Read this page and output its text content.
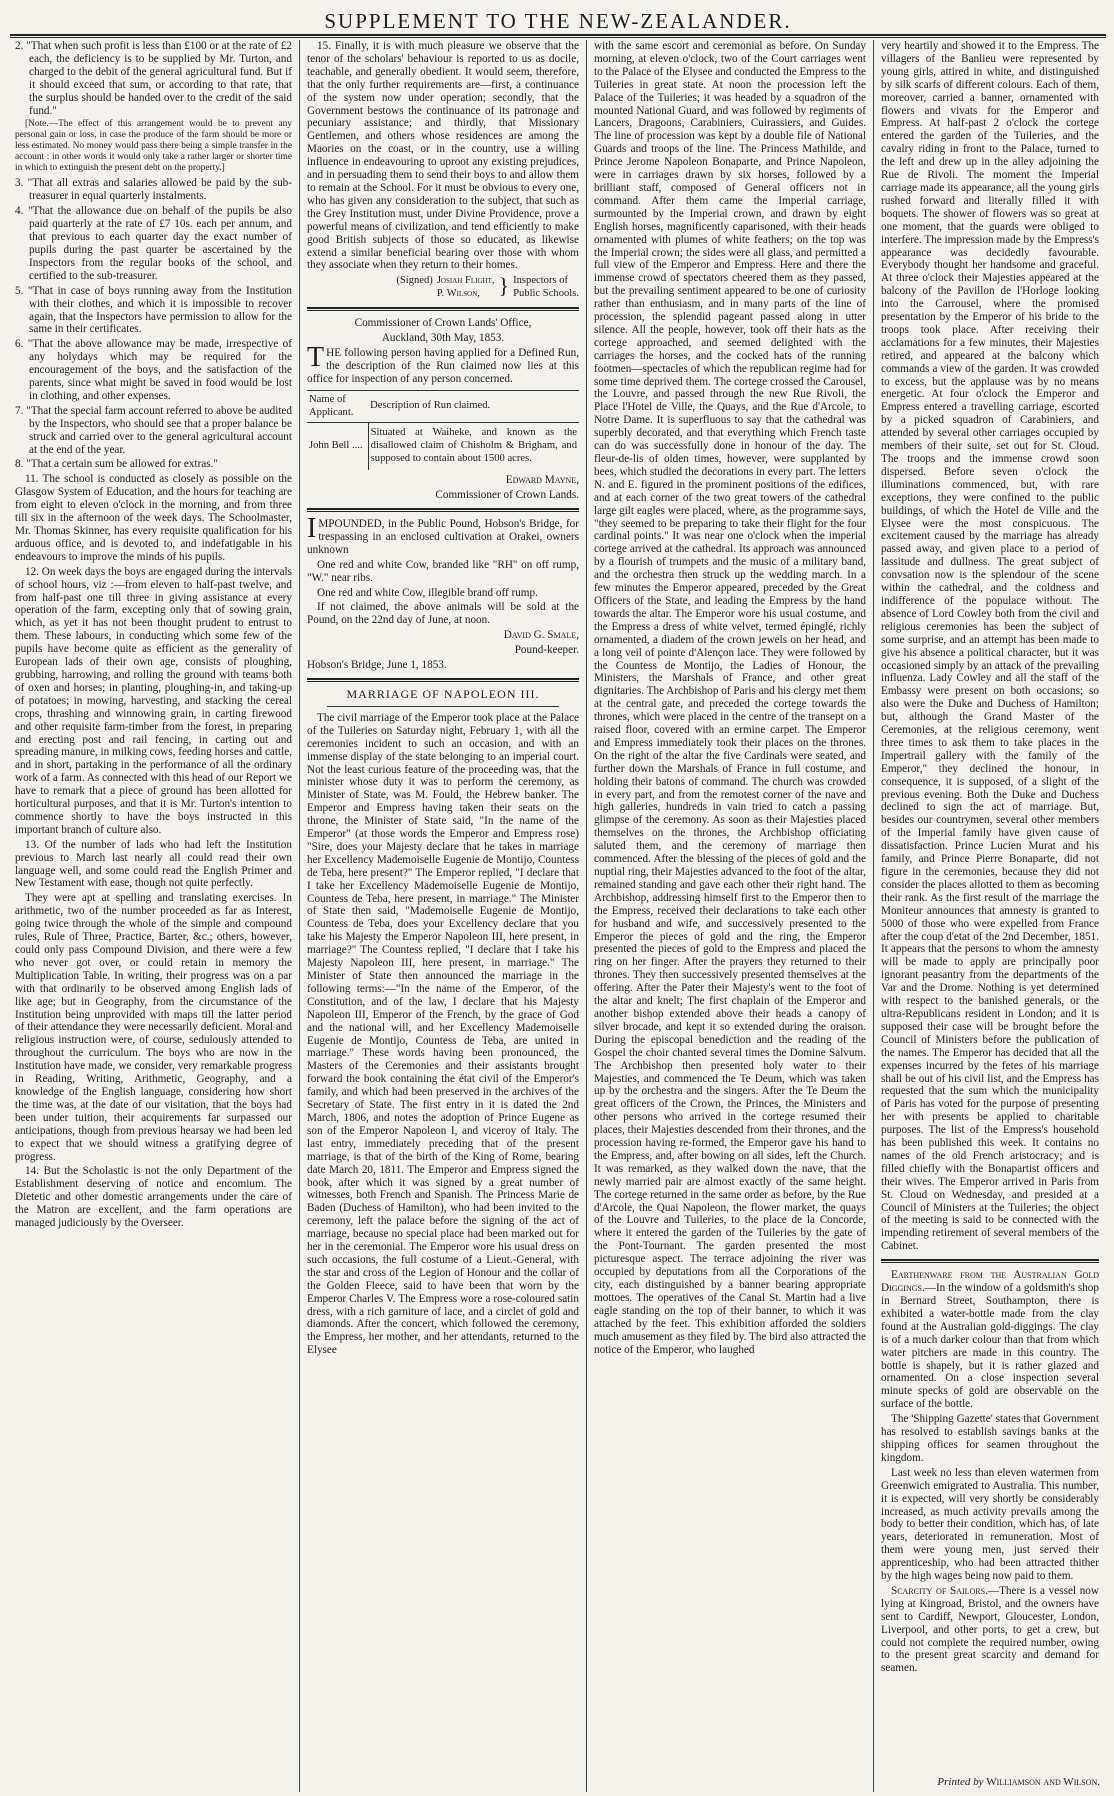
SUPPLEMENT TO THE NEW-ZEALANDER.

2. "That when such profit is less than £100 or at the rate of £2 each, the deficiency is to be supplied by Mr. Turton, and charged to the debit of the general agricultural fund. But if it should exceed that sum, or according to that rate, that the surplus should be handed over to the credit of the said fund."

[Note.—The effect of this arrangement would be to prevent any personal gain or loss, in case the produce of the farm should be more or less estimated. No money would pass there being a simple transfer in the account : in other words it would only take a rather larger or shorter time in which to extinguish the present debt on the property.]

3. "That all extras and salaries allowed be paid by the sub-treasurer in equal quarterly instalments.

4. "That the allowance due on behalf of the pupils be also paid quarterly at the rate of £7 10s. each per annum, and that previous to each quarter day the exact number of pupils during the past quarter be ascertained by the Inspectors from the regular books of the school, and certified to the sub-treasurer.

5. "That in case of boys running away from the Institution with their clothes, and which it is impossible to recover again, that the Inspectors have permission to allow for the same in their certificates.

6. "That the above allowance may be made, irrespective of any holydays which may be required for the encouragement of the boys, and the satisfaction of the parents, since what might be saved in food would be lost in clothing, and other expenses.

7. "That the special farm account referred to above be audited by the Inspectors, who should see that a proper balance be struck and carried over to the general agricultural account at the end of the year.

8. "That a certain sum be allowed for extras."

11. The school is conducted as closely as possible on the Glasgow System of Education, and the hours for teaching are from eight to eleven o'clock in the morning, and from three till six in the afternoon of the week days. The Schoolmaster, Mr. Thomas Skinner, has every requisite qualification for his arduous office, and is devoted to, and indefatigable in his endeavours to improve the minds of his pupils.

12. On week days the boys are engaged during the intervals of school hours, viz :—from eleven to half-past twelve, and from half-past one till three in giving assistance at every operation of the farm, excepting only that of sowing grain, which, as yet it has not been thought prudent to entrust to them. These labours, in conducting which some few of the pupils have become quite as efficient as the generality of European lads of their own age, consists of ploughing, grubbing, harrowing, and rolling the ground with teams both of oxen and horses; in planting, ploughing-in, and taking-up of potatoes; in mowing, harvesting, and stacking the cereal crops, thrashing and winnowing grain, in carting firewood and other requisite farm-timber from the forest, in preparing and erecting post and rail fencing, in carting out and spreading manure, in milking cows, feeding horses and cattle, and in short, partaking in the performance of all the ordinary work of a farm. As connected with this head of our Report we have to remark that a piece of ground has been allotted for horticultural purposes, and that it is Mr. Turton's intention to commence shortly to have the boys instructed in this important branch of culture also.

13. Of the number of lads who had left the Institution previous to March last nearly all could read their own language well, and some could read the English Primer and New Testament with ease, though not quite perfectly.

They were apt at spelling and translating exercises. In arithmetic, two of the number proceeded as far as Interest, going twice through the whole of the simple and compound rules, Rule of Three, Practice, Barter, &c.; others, however, could only pass Compound Division, and there were a few who never got over, or could retain in memory the Multiplication Table. In writing, their progress was on a par with that ordinarily to be observed among English lads of like age; but in Geography, from the circumstance of the Institution being unprovided with maps till the latter period of their attendance they were necessarily deficient. Moral and religious instruction were, of course, sedulously attended to throughout the curriculum. The boys who are now in the Institution have made, we consider, very remarkable progress in Reading, Writing, Arithmetic, Geography, and a knowledge of the English language, considering how short the time was, at the date of our visitation, that the boys had been under tuition, their acquirements far surpassed our anticipations, though from previous hearsay we had been led to expect that we should witness a gratifying degree of progress.

14. But the Scholastic is not the only Department of the Establishment deserving of notice and encomium. The Dietetic and other domestic arrangements under the care of the Matron are excellent, and the farm operations are managed judiciously by the Overseer.

15. Finally, it is with much pleasure we observe that the tenor of the scholars' behaviour is reported to us as docile, teachable, and generally obedient. It would seem, therefore, that the only further requirements are—first, a continuance of the system now under operation; secondly, that the Government bestows the continuance of its patronage and pecuniary assistance; and thirdly, that Missionary Gentlemen, and others whose residences are among the Maories on the coast, or in the country, use a willing influence in endeavouring to uproot any existing prejudices, and in persuading them to send their boys to and allow them to remain at the School. For it must be obvious to every one, who has given any consideration to the subject, that such as the Grey Institution must, under Divine Providence, prove a powerful means of civilization, and tend efficiently to make good British subjects of those so educated, as likewise extend a similar beneficial bearing over those with whom they associate when they return to their homes.

(Signed) Josiah Flight,
P. Wilson, } Inspectors of
Public Schools.

Commissioner of Crown Lands' Office,

Auckland, 30th May, 1853.

THE following person having applied for a Defined Run, the description of the Run claimed now lies at this office for inspection of any person concerned.

Name of Applicant.	Description of Run claimed.
John Bell ....	Situated at Waiheke, and known as the disallowed claim of Chisholm & Brigham, and supposed to contain about 1500 acres.

Edward Mayne,

Commissioner of Crown Lands.

IMPOUNDED, in the Public Pound, Hobson's Bridge, for trespassing in an enclosed cultivation at Orakei, owners unknown

One red and white Cow, branded like "RH" on off rump, "W." near ribs.

One red and white Cow, illegible brand off rump.

If not claimed, the above animals will be sold at the Pound, on the 22nd day of June, at noon.

David G. Smale,

Pound-keeper.

Hobson's Bridge, June 1, 1853.

MARRIAGE OF NAPOLEON III.

The civil marriage of the Emperor took place at the Palace of the Tuileries on Saturday night, February 1, with all the ceremonies incident to such an occasion, and with an immense display of the state belonging to an imperial court. Not the least curious feature of the proceeding was, that the minister whose duty it was to perform the ceremony, as Minister of State, was M. Fould, the Hebrew banker. The Emperor and Empress having taken their seats on the throne, the Minister of State said, "In the name of the Emperor" (at those words the Emperor and Empress rose) "Sire, does your Majesty declare that he takes in marriage her Excellency Mademoiselle Eugenie de Montijo, Countess de Teba, here present?" The Emperor replied, "I declare that I take her Excellency Mademoiselle Eugenie de Montijo, Countess de Teba, here present, in marriage." The Minister of State then said, "Mademoiselle Eugenie de Montijo, Countess de Teba, does your Excellency declare that you take his Majesty the Emperor Napoleon III, here present, in marriage?" The Countess replied, "I declare that I take his Majesty Napoleon III, here present, in marriage." The Minister of State then announced the marriage in the following terms:—"In the name of the Emperor, of the Constitution, and of the law, I declare that his Majesty Napoleon III, Emperor of the French, by the grace of God and the national will, and her Excellency Mademoiselle Eugenie de Montijo, Countess de Teba, are united in marriage." These words having been pronounced, the Masters of the Ceremonies and their assistants brought forward the book containing the état civil of the Emperor's family, and which had been preserved in the archives of the Secretary of State. The first entry in it is dated the 2nd March, 1806, and notes the adoption of Prince Eugene as son of the Emperor Napoleon I, and viceroy of Italy. The last entry, immediately preceding that of the present marriage, is that of the birth of the King of Rome, bearing date March 20, 1811. The Emperor and Empress signed the book, after which it was signed by a great number of witnesses, both French and Spanish. The Princess Marie de Baden (Duchess of Hamilton), who had been invited to the ceremony, left the palace before the signing of the act of marriage, because no special place had been marked out for her in the ceremonial. The Emperor wore his usual dress on such occasions, the full costume of a Lieut.-General, with the star and cross of the Legion of Honour and the collar of the Golden Fleece, said to have been that worn by the Emperor Charles V. The Empress wore a rose-coloured satin dress, with a rich garniture of lace, and a circlet of gold and diamonds. After the concert, which followed the ceremony, the Empress, her mother, and her attendants, returned to the Elysee

with the same escort and ceremonial as before. On Sunday morning, at eleven o'clock, two of the Court carriages went to the Palace of the Elysee and conducted the Empress to the Tuileries in great state. At noon the procession left the Palace of the Tuileries; it was headed by a squadron of the mounted National Guard, and was followed by regiments of Lancers, Dragoons, Carabiniers, Cuirassiers, and Guides. The line of procession was kept by a double file of National Guards and troops of the line. The Princess Mathilde, and Prince Jerome Napoleon Bonaparte, and Prince Napoleon, were in carriages drawn by six horses, followed by a brilliant staff, composed of General officers not in command. After them came the Imperial carriage, surmounted by the Imperial crown, and drawn by eight English horses, magnificently caparisoned, with their heads ornamented with plumes of white feathers; on the top was the Imperial crown; the sides were all glass, and permitted a full view of the Emperor and Empress. Here and there the immense crowd of spectators cheered them as they passed, but the prevailing sentiment appeared to be one of curiosity rather than enthusiasm, and in many parts of the line of procession, the splendid pageant passed along in utter silence. All the people, however, took off their hats as the cortege approached, and seemed delighted with the carriages the horses, and the cocked hats of the running footmen—spectacles of which the republican regime had for some time deprived them. The cortege crossed the Carousel, the Louvre, and passed through the new Rue Rivoli, the Place l'Hotel de Ville, the Quays, and the Rue d'Arcole, to Notre Dame. It is superfluous to say that the cathedral was superbly decorated, and that everything which French taste can do was successfully done in honour of the day. The fleur-de-lis of olden times, however, were supplanted by bees, which studied the decorations in every part. The letters N. and E. figured in the prominent positions of the edifices, and at each corner of the two great towers of the cathedral large gilt eagles were placed, where, as the programme says, "they seemed to be preparing to take their flight for the four cardinal points." It was near one o'clock when the imperial cortege arrived at the cathedral. Its approach was announced by a flourish of trumpets and the music of a military band, and the orchestra then struck up the wedding march. In a few minutes the Emperor appeared, preceded by the Great Officers of the State, and leading the Empress by the hand towards the altar. The Emperor wore his usual costume, and the Empress a dress of white velvet, termed épinglé, richly ornamented, a diadem of the crown jewels on her head, and a long veil of pointe d'Alençon lace. They were followed by the Countess de Montijo, the Ladies of Honour, the Ministers, the Marshals of France, and other great dignitaries. The Archbishop of Paris and his clergy met them at the central gate, and preceded the cortege towards the thrones, which were placed in the centre of the transept on a raised floor, covered with an ermine carpet. The Emperor and Empress immediately took their places on the thrones. On the right of the altar the five Cardinals were seated, and further down the Marshals of France in full costume, and holding their batons of command. The church was crowded in every part, and from the remotest corner of the nave and high galleries, hundreds in vain tried to catch a passing glimpse of the ceremony. As soon as their Majesties placed themselves on the thrones, the Archbishop officiating saluted them, and the ceremony of marriage then commenced. After the blessing of the pieces of gold and the nuptial ring, their Majesties advanced to the foot of the altar, remained standing and gave each other their right hand. The Archbishop, addressing himself first to the Emperor then to the Empress, received their declarations to take each other for husband and wife, and successively presented to the Emperor the pieces of gold and the ring, the Emperor presented the pieces of gold to the Empress and placed the ring on her finger. After the prayers they returned to their thrones. They then successively presented themselves at the offering. After the Pater their Majesty's went to the foot of the altar and knelt; The first chaplain of the Emperor and another bishop extended above their heads a canopy of silver brocade, and kept it so extended during the oraison. During the episcopal benediction and the reading of the Gospel the choir chanted several times the Domine Salvum. The Archbishop then presented holy water to their Majesties, and commenced the Te Deum, which was taken up by the orchestra and the singers. After the Te Deum the great officers of the Crown, the Princes, the Ministers and other persons who arrived in the cortege resumed their places, their Majesties descended from their thrones, and the procession having re-formed, the Emperor gave his hand to the Empress, and, after bowing on all sides, left the Church. It was remarked, as they walked down the nave, that the newly married pair are almost exactly of the same height. The cortege returned in the same order as before, by the Rue d'Arcole, the Quai Napoleon, the flower market, the quays of the Louvre and Tuileries, to the place de la Concorde, where it entered the garden of the Tuileries by the gate of the Pont-Tournant. The garden presented the most picturesque aspect. The terrace adjoining the river was occupied by deputations from all the Corporations of the city, each distinguished by a banner bearing appropriate mottoes. The operatives of the Canal St. Martin had a live eagle standing on the top of their banner, to which it was attached by the feet. This exhibition afforded the soldiers much amusement as they filed by. The bird also attracted the notice of the Emperor, who laughed

very heartily and showed it to the Empress. The villagers of the Banlieu were represented by young girls, attired in white, and distinguished by silk scarfs of different colours. Each of them, moreover, carried a banner, ornamented with flowers and vivats for the Emperor and Empress. At half-past 2 o'clock the cortege entered the garden of the Tuileries, and the cavalry riding in front to the Palace, turned to the left and drew up in the alley adjoining the Rue de Rivoli. The moment the Imperial carriage made its appearance, all the young girls rushed forward and literally filled it with boquets. The shower of flowers was so great at one moment, that the guards were obliged to interfere. The impression made by the Empress's appearance was decidedly favourable. Everybody thought her handsome and graceful. At three o'clock their Majesties appeared at the balcony of the Pavillon de l'Horloge looking into the Carrousel, where the promised presentation by the Emperor of his bride to the troops took place. After receiving their acclamations for a few minutes, their Majesties retired, and appeared at the balcony which commands a view of the garden. It was crowded to excess, but the applause was by no means energetic. At four o'clock the Emperor and Empress entered a travelling carriage, escorted by a picked squadron of Carabiniers, and attended by several other carriages occupied by members of their suite, set out for St. Cloud. The troops and the immense crowd soon dispersed. Before seven o'clock the illuminations commenced, but, with rare exceptions, they were confined to the public buildings, of which the Hotel de Ville and the Elysee were the most conspicuous. The excitement caused by the marriage has already passed away, and given place to a period of lassitude and dullness. The great subject of convsation now is the splendour of the scene within the cathedral, and the coldness and indifference of the populace without. The absence of Lord Cowley both from the civil and religious ceremonies has been the subject of some surprise, and an attempt has been made to give his absence a political character, but it was occasioned simply by an attack of the prevailing influenza. Lady Cowley and all the staff of the Embassy were present on both occasions; so also were the Duke and Duchess of Hamilton; but, although the Grand Master of the Ceremonies, at the religious ceremony, went three times to ask them to take places in the Impertrail gallery with the family of the Emperor," they declined the honour, in consequence, it is supposed, of a slight of the previous evening. Both the Duke and Duchess declined to sign the act of marriage. But, besides our countrymen, several other members of the Imperial family have given cause of dissatisfaction. Prince Lucien Murat and his family, and Prince Pierre Bonaparte, did not figure in the ceremonies, because they did not consider the places allotted to them as becoming their rank. As the first result of the marriage the Moniteur announces that amnesty is granted to 5000 of those who were expelled from France after the coup d'etat of the 2nd December, 1851. It appears that the persons to whom the amnesty will be made to apply are principally poor ignorant peasantry from the departments of the Var and the Drome. Nothing is yet determined with respect to the banished generals, or the ultra-Republicans resident in London; and it is supposed their case will be brought before the Council of Ministers before the publication of the names. The Emperor has decided that all the expenses incurred by the fetes of his marriage shall be out of his civil list, and the Empress has requested that the sum which the municipality of Paris has voted for the purpose of presenting her with presents be applied to charitable purposes. The list of the Empress's household has been published this week. It contains no names of the old French aristocracy; and is filled chiefly with the Bonapartist officers and their wives. The Emperor arrived in Paris from St. Cloud on Wednesday, and presided at a Council of Ministers at the Tuileries; the object of the meeting is said to be connected with the impending retirement of several members of the Cabinet.

Earthenware from the Australian Gold Diggings.—In the window of a goldsmith's shop in Bernard Street, Southampton, there is exhibited a water-bottle made from the clay found at the Australian gold-diggings. The clay is of a much darker colour than that from which water pitchers are made in this country. The bottle is shapely, but it is rather glazed and ornamented. On a close inspection several minute specks of gold are observable on the surface of the bottle.

The 'Shipping Gazette' states that Government has resolved to establish savings banks at the shipping offices for seamen throughout the kingdom.

Last week no less than eleven watermen from Greenwich emigrated to Australia. This number, it is expected, will very shortly be considerably increased, as much activity prevails among the body to better their condition, which has, of late years, deteriorated in remuneration. Most of them were young men, just served their apprenticeship, who had been attracted thither by the high wages being now paid to them.

Scarcity of Sailors.—There is a vessel now lying at Kingroad, Bristol, and the owners have sent to Cardiff, Newport, Gloucester, London, Liverpool, and other ports, to get a crew, but could not complete the required number, owing to the present great scarcity and demand for seamen.

Printed by Williamson and Wilson.
